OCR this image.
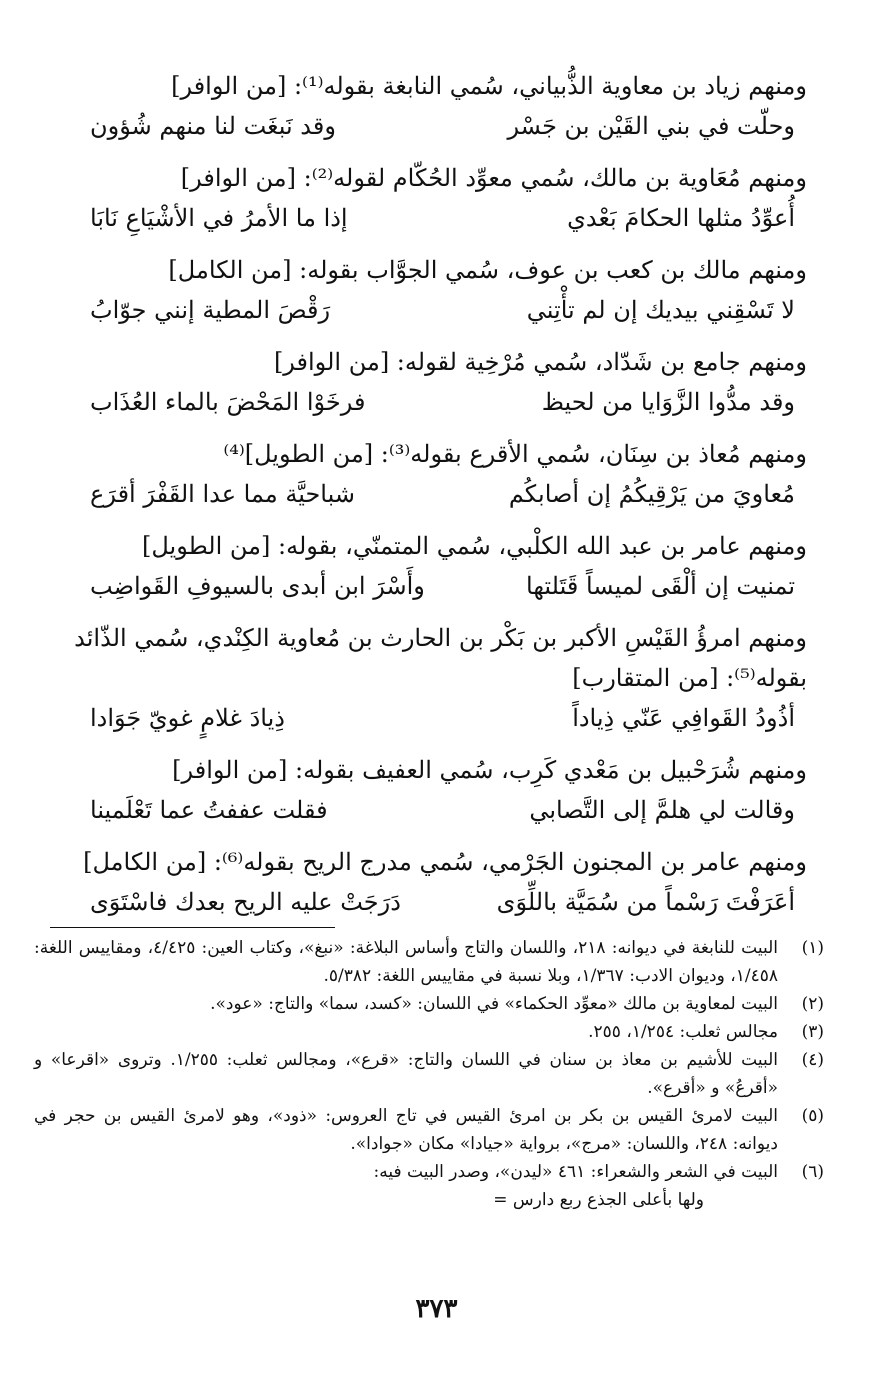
ومنهم زياد بن معاوية الذُّبياني، سُمي النابغة بقوله⁽¹⁾: [من الوافر]
وحلّت في بني القَيْن بن جَسْر
وقد نَبغَت لنا منهم شُؤون
ومنهم مُعَاوية بن مالك، سُمي معوِّد الحُكّام لقوله⁽²⁾: [من الوافر]
أُعوِّدُ مثلها الحكامَ بَعْدي
إذا ما الأمرُ في الأشْيَاعِ نَابَا
ومنهم مالك بن كعب بن عوف، سُمي الجوَّاب بقوله: [من الكامل]
لا تَسْقِني بيديك إن لم تأْتِني
رَقْصَ المطية إنني جوّابُ
ومنهم جامع بن شَدّاد، سُمي مُرْخِية لقوله: [من الوافر]
وقد مدُّوا الزَّوَايا من لحيظ
فرخَوْا المَحْضَ بالماء العُذَاب
ومنهم مُعاذ بن سِنَان، سُمي الأقرع بقوله⁽³⁾: [من الطويل]⁽⁴⁾
مُعاويَ من يَرْقِيكُمُ إن أصابكُم
شباحيَّة مما عدا القَفْرَ أقرَع
ومنهم عامر بن عبد الله الكلْبي، سُمي المتمنّي، بقوله: [من الطويل]
تمنيت إن ألْقَى لميساً قَتَلتها
وأَسْرَ ابن أبدى بالسيوفِ القَواضِب
ومنهم امرؤُ القَيْسِ الأكبر بن بَكْر بن الحارث بن مُعاوية الكِنْدي، سُمي الذّائد بقوله⁽⁵⁾: [من المتقارب]
أذُودُ القَوافِي عَنّي ذِياداً
ذِيادَ غلامٍ غويّ جَوَادا
ومنهم شُرَحْبيل بن مَعْدي كَرِب، سُمي العفيف بقوله: [من الوافر]
وقالت لي هلمَّ إلى التَّصابي
فقلت عففتُ عما تَعْلَمينا
ومنهم عامر بن المجنون الجَرْمي، سُمي مدرج الريح بقوله⁽⁶⁾: [من الكامل]
أعَرَفْتَ رَسْماً من سُمَيَّة باللِّوَى
دَرَجَتْ عليه الريح بعدك فاسْتَوَى
(١)
البيت للنابغة في ديوانه: ٢١٨، واللسان والتاج وأساس البلاغة: «نبغ»، وكتاب العين: ٤/٤٢٥، ومقاييس اللغة: ١/٤٥٨، وديوان الادب: ١/٣٦٧، وبلا نسبة في مقاييس اللغة: ٥/٣٨٢.
(٢)
البيت لمعاوية بن مالك «معوِّد الحكماء» في اللسان: «كسد، سما» والتاج: «عود».
(٣)
مجالس ثعلب: ١/٢٥٤، ٢٥٥.
(٤)
البيت للأشيم بن معاذ بن سنان في اللسان والتاج: «قرع»، ومجالس ثعلب: ١/٢٥٥. وتروى «اقرعا» و «أقرعُ» و «أقرع».
(٥)
البيت لامرئ القيس بن بكر بن امرئ القيس في تاج العروس: «ذود»، وهو لامرئ القيس بن حجر في ديوانه: ٢٤٨، واللسان: «مرج»، برواية «جيادا» مكان «جوادا».
(٦)
البيت في الشعر والشعراء: ٤٦١ «ليدن»، وصدر البيت فيه:
ولها بأعلى الجذع ربع دارس =
٣٧٣
